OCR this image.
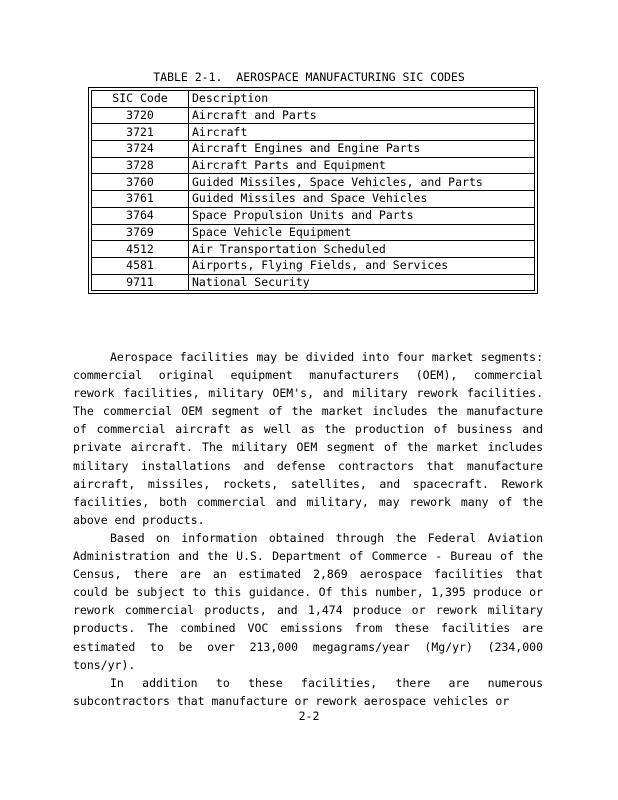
TABLE 2-1.  AEROSPACE MANUFACTURING SIC CODES
SIC Code	Description
3720	Aircraft and Parts
3721	Aircraft
3724	Aircraft Engines and Engine Parts
3728	Aircraft Parts and Equipment
3760	Guided Missiles, Space Vehicles, and Parts
3761	Guided Missiles and Space Vehicles
3764	Space Propulsion Units and Parts
3769	Space Vehicle Equipment
4512	Air Transportation Scheduled
4581	Airports, Flying Fields, and Services
9711	National Security

Aerospace facilities may be divided into four market segments: commercial original equipment manufacturers (OEM), commercial rework facilities, military OEM's, and military rework facilities. The commercial OEM segment of the market includes the manufacture of commercial aircraft as well as the production of business and private aircraft. The military OEM segment of the market includes military installations and defense contractors that manufacture aircraft, missiles, rockets, satellites, and spacecraft. Rework facilities, both commercial and military, may rework many of the above end products.

Based on information obtained through the Federal Aviation Administration and the U.S. Department of Commerce - Bureau of the Census, there are an estimated 2,869 aerospace facilities that could be subject to this guidance. Of this number, 1,395 produce or rework commercial products, and 1,474 produce or rework military products. The combined VOC emissions from these facilities are estimated to be over 213,000 megagrams/year (Mg/yr) (234,000 tons/yr).

In addition to these facilities, there are numerous subcontractors that manufacture or rework aerospace vehicles or

2-2
